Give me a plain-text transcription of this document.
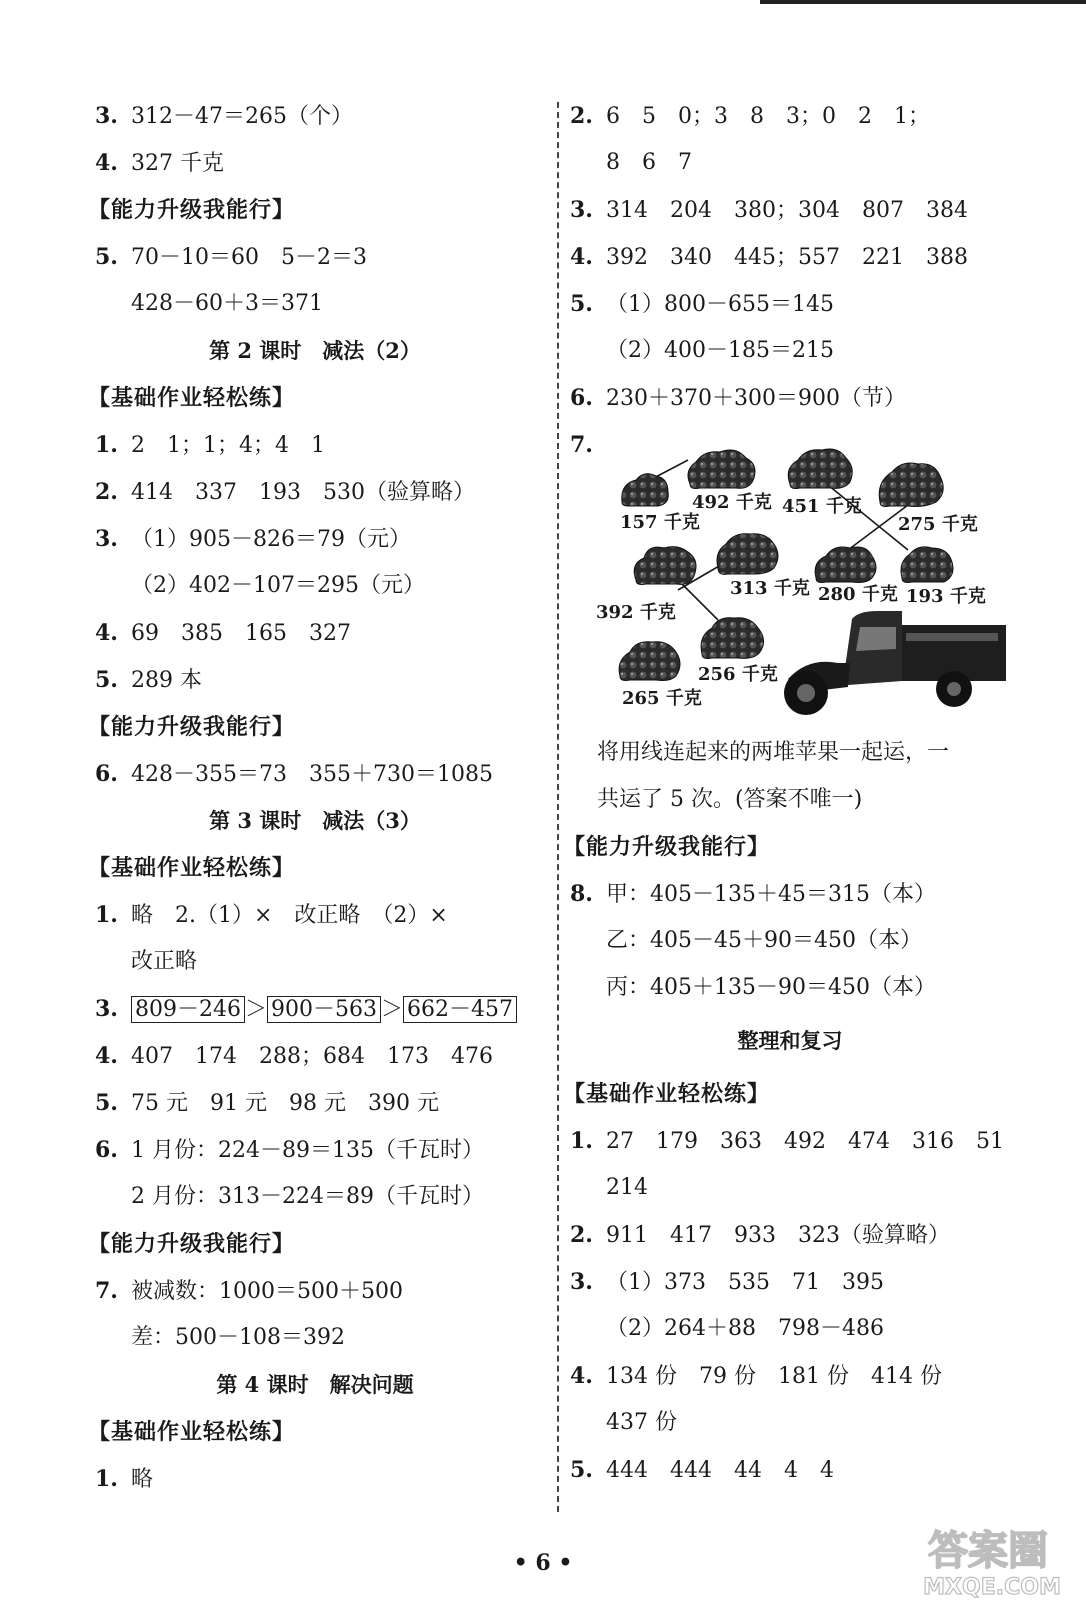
3. 312－47＝265（个）
4. 327 千克
【能力升级我能行】
5. 70－10＝60　5－2＝3
428－60＋3＝371
第 2 课时　减法（2）
【基础作业轻松练】
1. 2　1；1；4；4　1
2. 414　337　193　530（验算略）
3. （1）905－826＝79（元）
（2）402－107＝295（元）
4. 69　385　165　327
5. 289 本
【能力升级我能行】
6. 428－355＝73　355＋730＝1085
第 3 课时　减法（3）
【基础作业轻松练】
1. 略　2.（1）×　改正略　（2）×
改正略
3. 809－246 ＞ 900－563 ＞ 662－457
4. 407　174　288；684　173　476
5. 75 元　91 元　98 元　390 元
6. 1 月份：224－89＝135（千瓦时）
2 月份：313－224＝89（千瓦时）
【能力升级我能行】
7. 被减数：1000＝500＋500
差：500－108＝392
第 4 课时　解决问题
【基础作业轻松练】
1. 略
2. 6　5　0；3　8　3；0　2　1；
8　6　7
3. 314　204　380；304　807　384
4. 392　340　445；557　221　388
5. （1）800－655＝145
（2）400－185＝215
6. 230＋370＋300＝900（节）
7.
157 千克
492 千克 451 千克
275 千克
392 千克
313 千克 280 千克 193 千克
256 千克
265 千克
将用线连起来的两堆苹果一起运，一
共运了 5 次。(答案不唯一)
【能力升级我能行】
8. 甲：405－135＋45＝315（本）
乙：405－45＋90＝450（本）
丙：405＋135－90＝450（本）
整理和复习
【基础作业轻松练】
1. 27　179　363　492　474　316　51
214
2. 911　417　933　323（验算略）
3. （1）373　535　71　395
（2）264＋88　798－486
4. 134 份　79 份　181 份　414 份
437 份
5. 444　444　44　4　4
• 6 •	答案圈
MXQE.COM
